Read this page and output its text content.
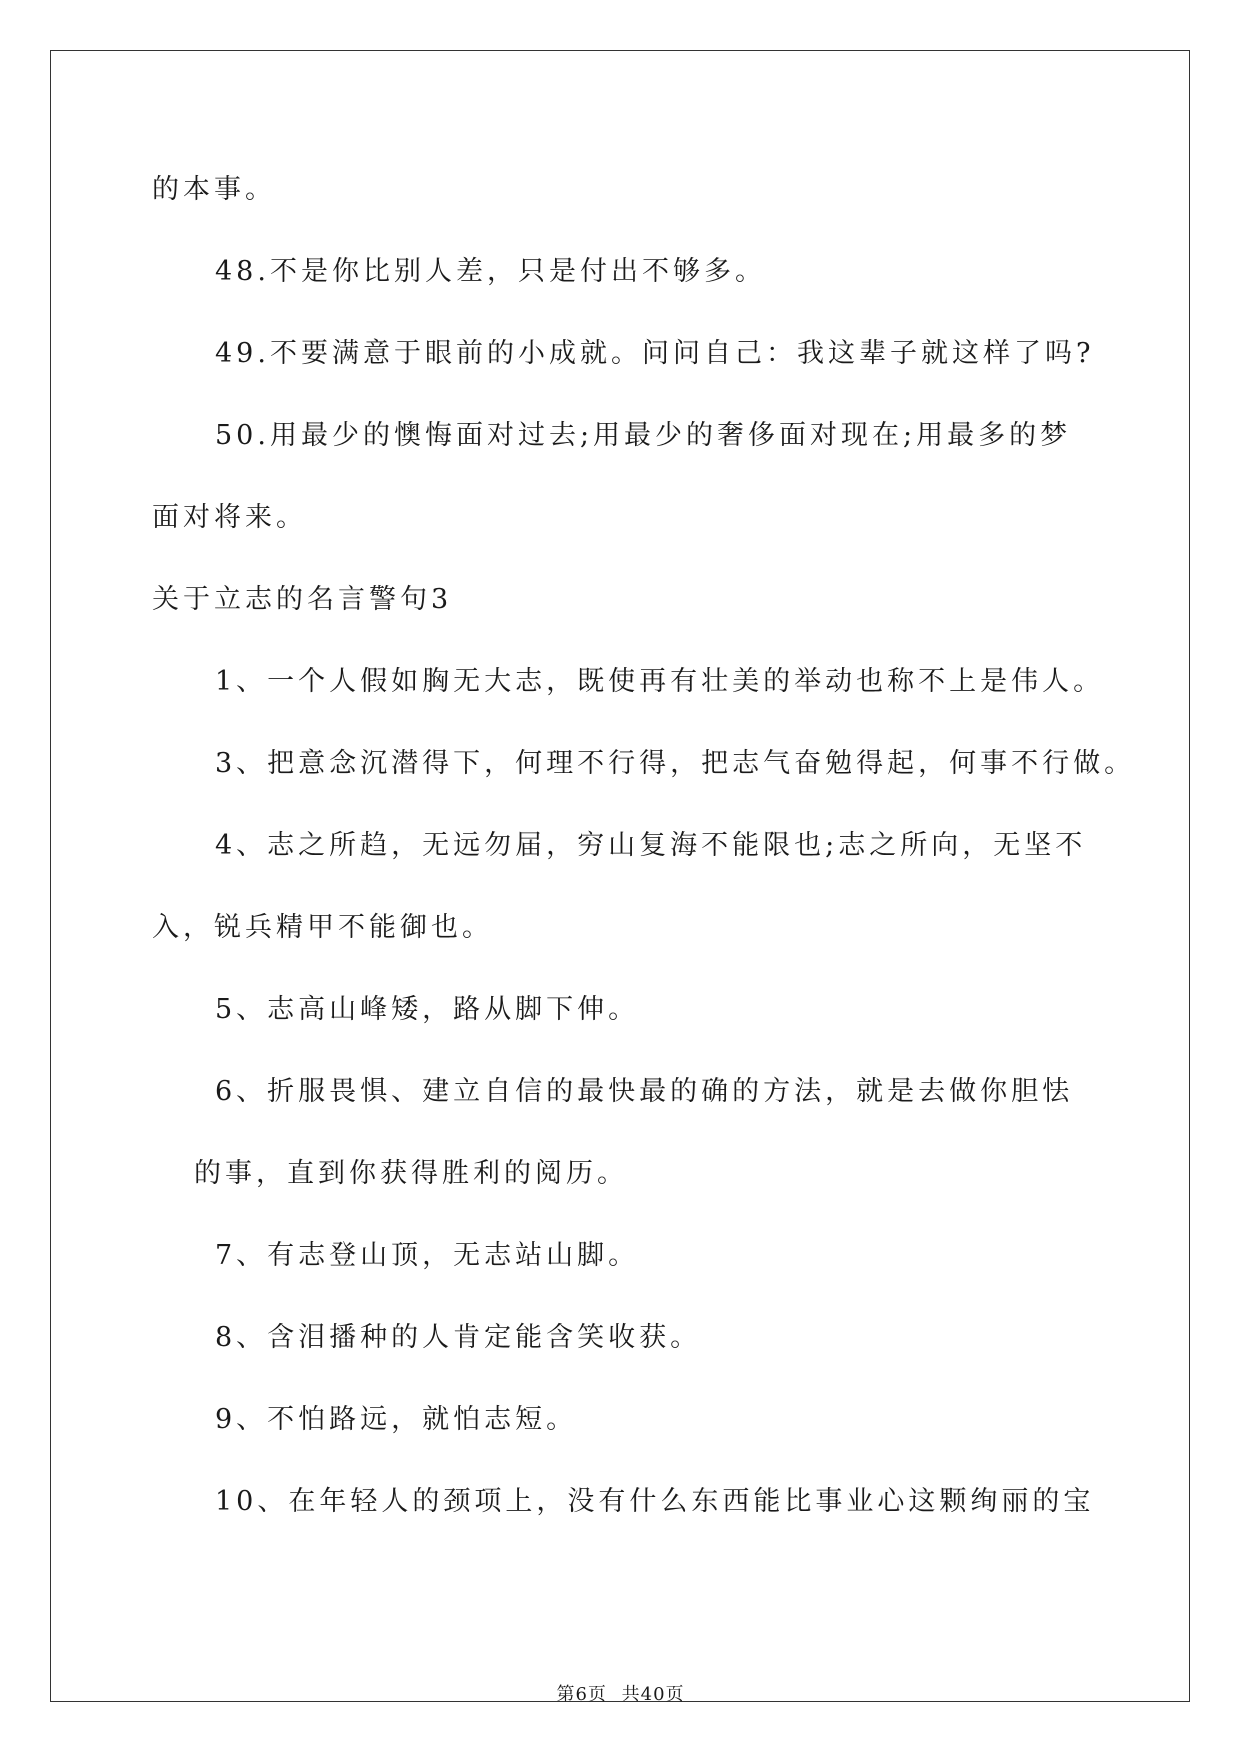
的本事。
48.不是你比别人差，只是付出不够多。
49.不要满意于眼前的小成就。问问自己：我这辈子就这样了吗?
50.用最少的懊悔面对过去;用最少的奢侈面对现在;用最多的梦
面对将来。
关于立志的名言警句3
1、一个人假如胸无大志，既使再有壮美的举动也称不上是伟人。
3、把意念沉潜得下，何理不行得，把志气奋勉得起，何事不行做。
4、志之所趋，无远勿届，穷山复海不能限也;志之所向，无坚不
入，锐兵精甲不能御也。
5、志高山峰矮，路从脚下伸。
6、折服畏惧、建立自信的最快最的确的方法，就是去做你胆怯
的事，直到你获得胜利的阅历。
7、有志登山顶，无志站山脚。
8、含泪播种的人肯定能含笑收获。
9、不怕路远，就怕志短。
10、在年轻人的颈项上，没有什么东西能比事业心这颗绚丽的宝
第6页 共40页
